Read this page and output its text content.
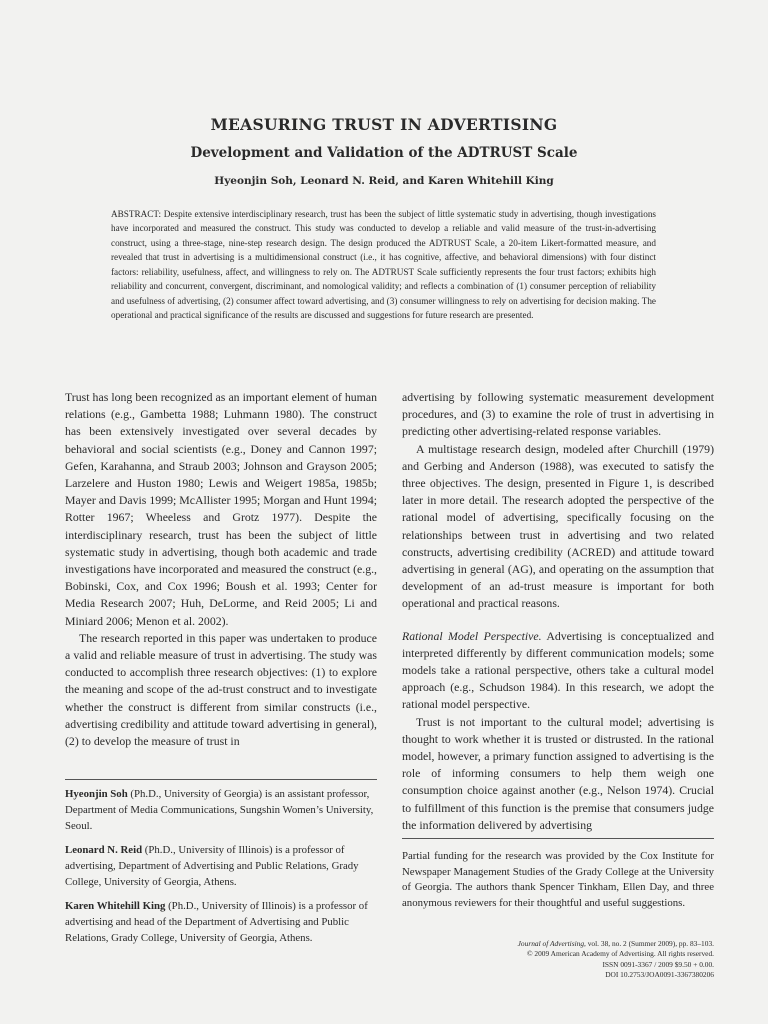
MEASURING TRUST IN ADVERTISING
Development and Validation of the ADTRUST Scale
Hyeonjin Soh, Leonard N. Reid, and Karen Whitehill King

ABSTRACT: Despite extensive interdisciplinary research, trust has been the subject of little systematic study in advertising, though investigations have incorporated and measured the construct. This study was conducted to develop a reliable and valid measure of the trust-in-advertising construct, using a three-stage, nine-step research design. The design produced the ADTRUST Scale, a 20-item Likert-formatted measure, and revealed that trust in advertising is a multidimensional construct (i.e., it has cognitive, affective, and behavioral dimensions) with four distinct factors: reliability, usefulness, affect, and willingness to rely on. The ADTRUST Scale sufficiently represents the four trust factors; exhibits high reliability and concurrent, convergent, discriminant, and nomological validity; and reflects a combination of (1) consumer perception of reliability and usefulness of advertising, (2) consumer affect toward advertising, and (3) consumer willingness to rely on advertising for decision making. The operational and practical significance of the results are discussed and suggestions for future research are presented.

Trust has long been recognized as an important element of human relations (e.g., Gambetta 1988; Luhmann 1980). The construct has been extensively investigated over several decades by behavioral and social scientists (e.g., Doney and Cannon 1997; Gefen, Karahanna, and Straub 2003; Johnson and Grayson 2005; Larzelere and Huston 1980; Lewis and Weigert 1985a, 1985b; Mayer and Davis 1999; McAllister 1995; Morgan and Hunt 1994; Rotter 1967; Wheeless and Grotz 1977). Despite the interdisciplinary research, trust has been the subject of little systematic study in advertising, though both academic and trade investigations have incorporated and measured the construct (e.g., Bobinski, Cox, and Cox 1996; Boush et al. 1993; Center for Media Research 2007; Huh, DeLorme, and Reid 2005; Li and Miniard 2006; Menon et al. 2002).

The research reported in this paper was undertaken to produce a valid and reliable measure of trust in advertising. The study was conducted to accomplish three research objectives: (1) to explore the meaning and scope of the ad-trust construct and to investigate whether the construct is different from similar constructs (i.e., advertising credibility and attitude toward advertising in general), (2) to develop the measure of trust in

advertising by following systematic measurement development procedures, and (3) to examine the role of trust in advertising in predicting other advertising-related response variables.

A multistage research design, modeled after Churchill (1979) and Gerbing and Anderson (1988), was executed to satisfy the three objectives. The design, presented in Figure 1, is described later in more detail. The research adopted the perspective of the rational model of advertising, specifically focusing on the relationships between trust in advertising and two related constructs, advertising credibility (ACRED) and attitude toward advertising in general (AG), and operating on the assumption that development of an ad-trust measure is important for both operational and practical reasons.

Rational Model Perspective. Advertising is conceptualized and interpreted differently by different communication models; some models take a rational perspective, others take a cultural model approach (e.g., Schudson 1984). In this research, we adopt the rational model perspective.

Trust is not important to the cultural model; advertising is thought to work whether it is trusted or distrusted. In the rational model, however, a primary function assigned to advertising is the role of informing consumers to help them weigh one consumption choice against another (e.g., Nelson 1974). Crucial to fulfillment of this function is the premise that consumers judge the information delivered by advertising

Hyeonjin Soh (Ph.D., University of Georgia) is an assistant professor, Department of Media Communications, Sungshin Women’s University, Seoul.

Leonard N. Reid (Ph.D., University of Illinois) is a professor of advertising, Department of Advertising and Public Relations, Grady College, University of Georgia, Athens.

Karen Whitehill King (Ph.D., University of Illinois) is a professor of advertising and head of the Department of Advertising and Public Relations, Grady College, University of Georgia, Athens.

Partial funding for the research was provided by the Cox Institute for Newspaper Management Studies of the Grady College at the University of Georgia. The authors thank Spencer Tinkham, Ellen Day, and three anonymous reviewers for their thoughtful and useful suggestions.

Journal of Advertising, vol. 38, no. 2 (Summer 2009), pp. 83–103.
© 2009 American Academy of Advertising. All rights reserved.
ISSN 0091-3367 / 2009 $9.50 + 0.00.
DOI 10.2753/JOA0091-3367380206
